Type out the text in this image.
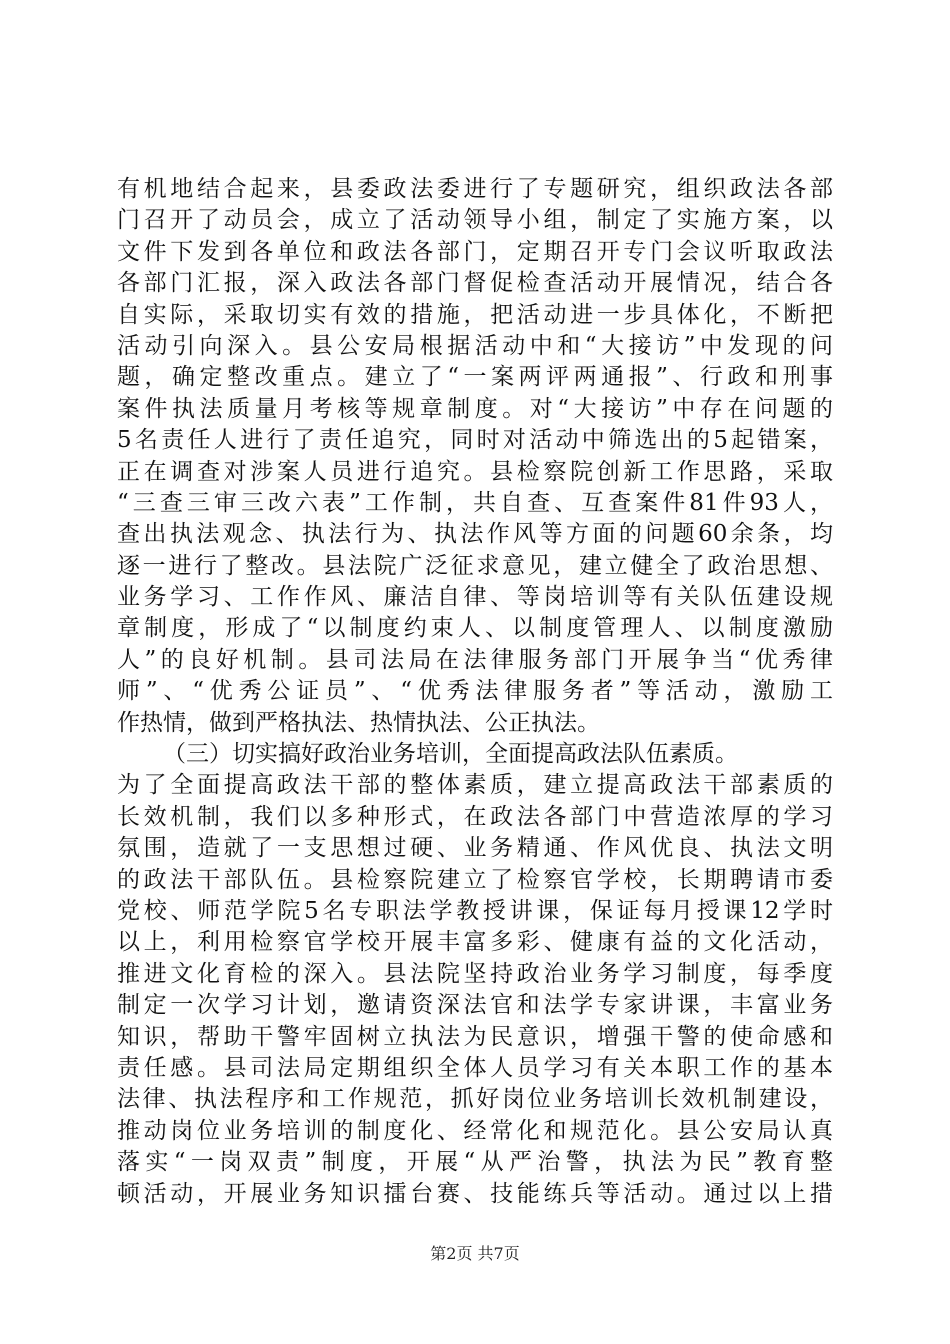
有机地结合起来，县委政法委进行了专题研究，组织政法各部
门召开了动员会，成立了活动领导小组，制定了实施方案，以
文件下发到各单位和政法各部门，定期召开专门会议听取政法
各部门汇报，深入政法各部门督促检查活动开展情况，结合各
自实际，采取切实有效的措施，把活动进一步具体化，不断把
活动引向深入。县公安局根据活动中和“大接访”中发现的问
题，确定整改重点。建立了“一案两评两通报”、行政和刑事
案件执法质量月考核等规章制度。对“大接访”中存在问题的
5名责任人进行了责任追究，同时对活动中筛选出的5起错案，
正在调查对涉案人员进行追究。县检察院创新工作思路，采取
“三查三审三改六表”工作制，共自查、互查案件81件93人，
查出执法观念、执法行为、执法作风等方面的问题60余条，均
逐一进行了整改。县法院广泛征求意见，建立健全了政治思想、
业务学习、工作作风、廉洁自律、等岗培训等有关队伍建设规
章制度，形成了“以制度约束人、以制度管理人、以制度激励
人”的良好机制。县司法局在法律服务部门开展争当“优秀律
师”、“优秀公证员”、“优秀法律服务者”等活动，激励工
作热情，做到严格执法、热情执法、公正执法。
（三）切实搞好政治业务培训，全面提高政法队伍素质。
为了全面提高政法干部的整体素质，建立提高政法干部素质的
长效机制，我们以多种形式，在政法各部门中营造浓厚的学习
氛围，造就了一支思想过硬、业务精通、作风优良、执法文明
的政法干部队伍。县检察院建立了检察官学校，长期聘请市委
党校、师范学院5名专职法学教授讲课，保证每月授课12学时
以上，利用检察官学校开展丰富多彩、健康有益的文化活动，
推进文化育检的深入。县法院坚持政治业务学习制度，每季度
制定一次学习计划，邀请资深法官和法学专家讲课，丰富业务
知识，帮助干警牢固树立执法为民意识，增强干警的使命感和
责任感。县司法局定期组织全体人员学习有关本职工作的基本
法律、执法程序和工作规范，抓好岗位业务培训长效机制建设，
推动岗位业务培训的制度化、经常化和规范化。县公安局认真
落实“一岗双责”制度，开展“从严治警，执法为民”教育整
顿活动，开展业务知识擂台赛、技能练兵等活动。通过以上措
第2页 共7页
